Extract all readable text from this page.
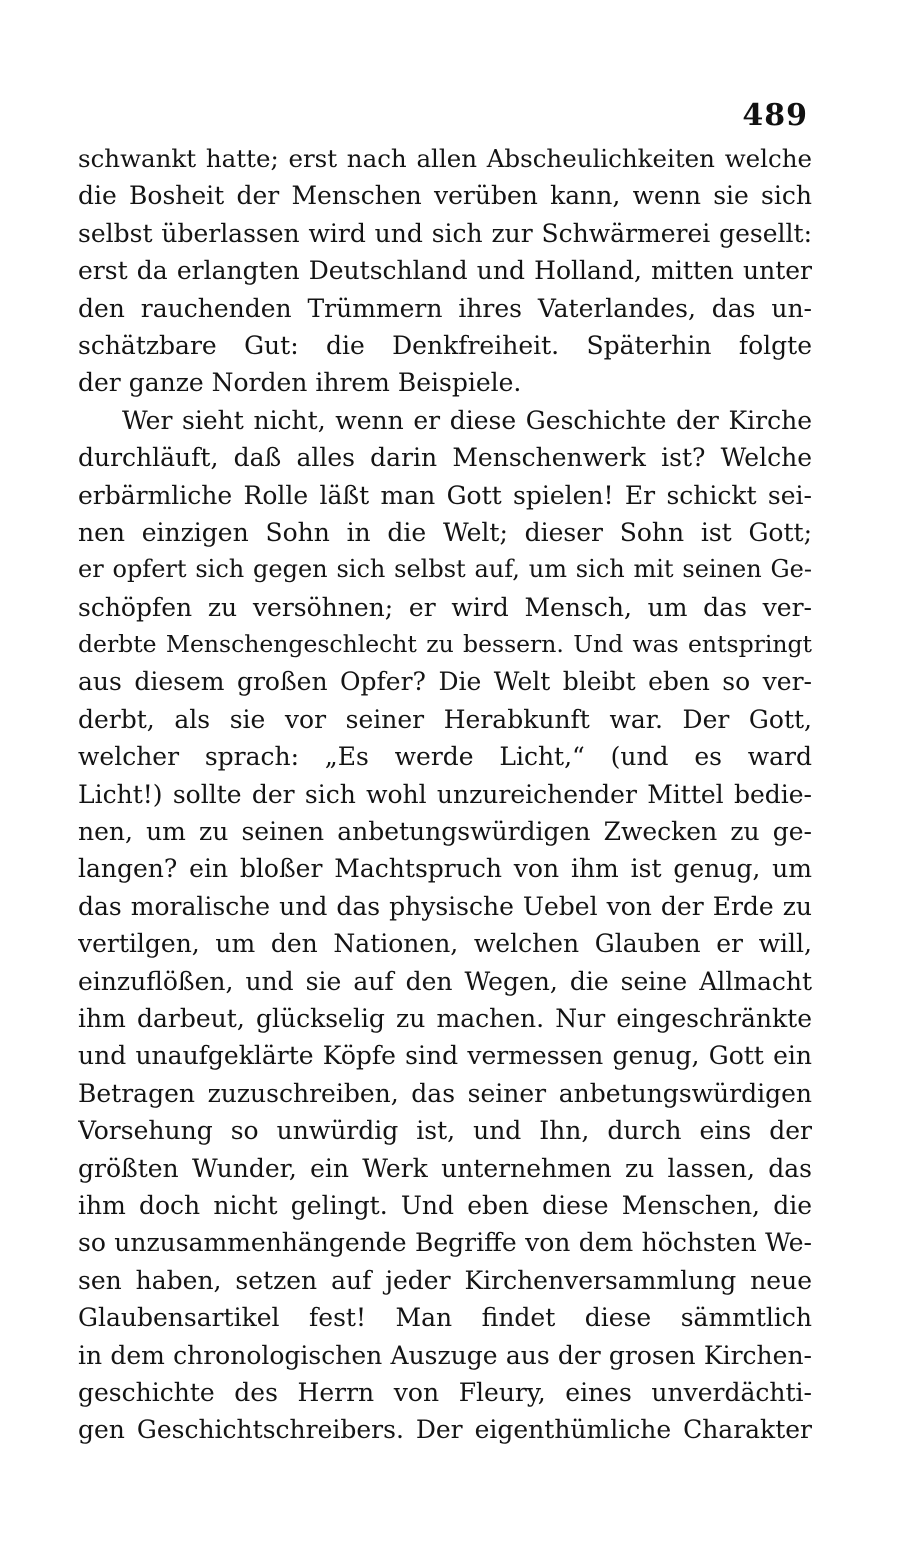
489
schwankt hatte; erst nach allen Abscheulichkeiten welche
die Bosheit der Menschen verüben kann, wenn sie sich
selbst überlassen wird und sich zur Schwärmerei gesellt:
erst da erlangten Deutschland und Holland, mitten unter
den rauchenden Trümmern ihres Vaterlandes, das un-
schätzbare Gut: die Denkfreiheit. Späterhin folgte
der ganze Norden ihrem Beispiele.
Wer sieht nicht, wenn er diese Geschichte der Kirche
durchläuft, daß alles darin Menschenwerk ist? Welche
erbärmliche Rolle läßt man Gott spielen! Er schickt sei-
nen einzigen Sohn in die Welt; dieser Sohn ist Gott;
er opfert sich gegen sich selbst auf, um sich mit seinen Ge-
schöpfen zu versöhnen; er wird Mensch, um das ver-
derbte Menschengeschlecht zu bessern. Und was entspringt
aus diesem großen Opfer? Die Welt bleibt eben so ver-
derbt, als sie vor seiner Herabkunft war. Der Gott,
welcher sprach: „Es werde Licht,“ (und es ward
Licht!) sollte der sich wohl unzureichender Mittel bedie-
nen, um zu seinen anbetungswürdigen Zwecken zu ge-
langen? ein bloßer Machtspruch von ihm ist genug, um
das moralische und das physische Uebel von der Erde zu
vertilgen, um den Nationen, welchen Glauben er will,
einzuflößen, und sie auf den Wegen, die seine Allmacht
ihm darbeut, glückselig zu machen. Nur eingeschränkte
und unaufgeklärte Köpfe sind vermessen genug, Gott ein
Betragen zuzuschreiben, das seiner anbetungswürdigen
Vorsehung so unwürdig ist, und Ihn, durch eins der
größten Wunder, ein Werk unternehmen zu lassen, das
ihm doch nicht gelingt. Und eben diese Menschen, die
so unzusammenhängende Begriffe von dem höchsten We-
sen haben, setzen auf jeder Kirchenversammlung neue
Glaubensartikel fest! Man findet diese sämmtlich
in dem chronologischen Auszuge aus der grosen Kirchen-
geschichte des Herrn von Fleury, eines unverdächti-
gen Geschichtschreibers. Der eigenthümliche Charakter
